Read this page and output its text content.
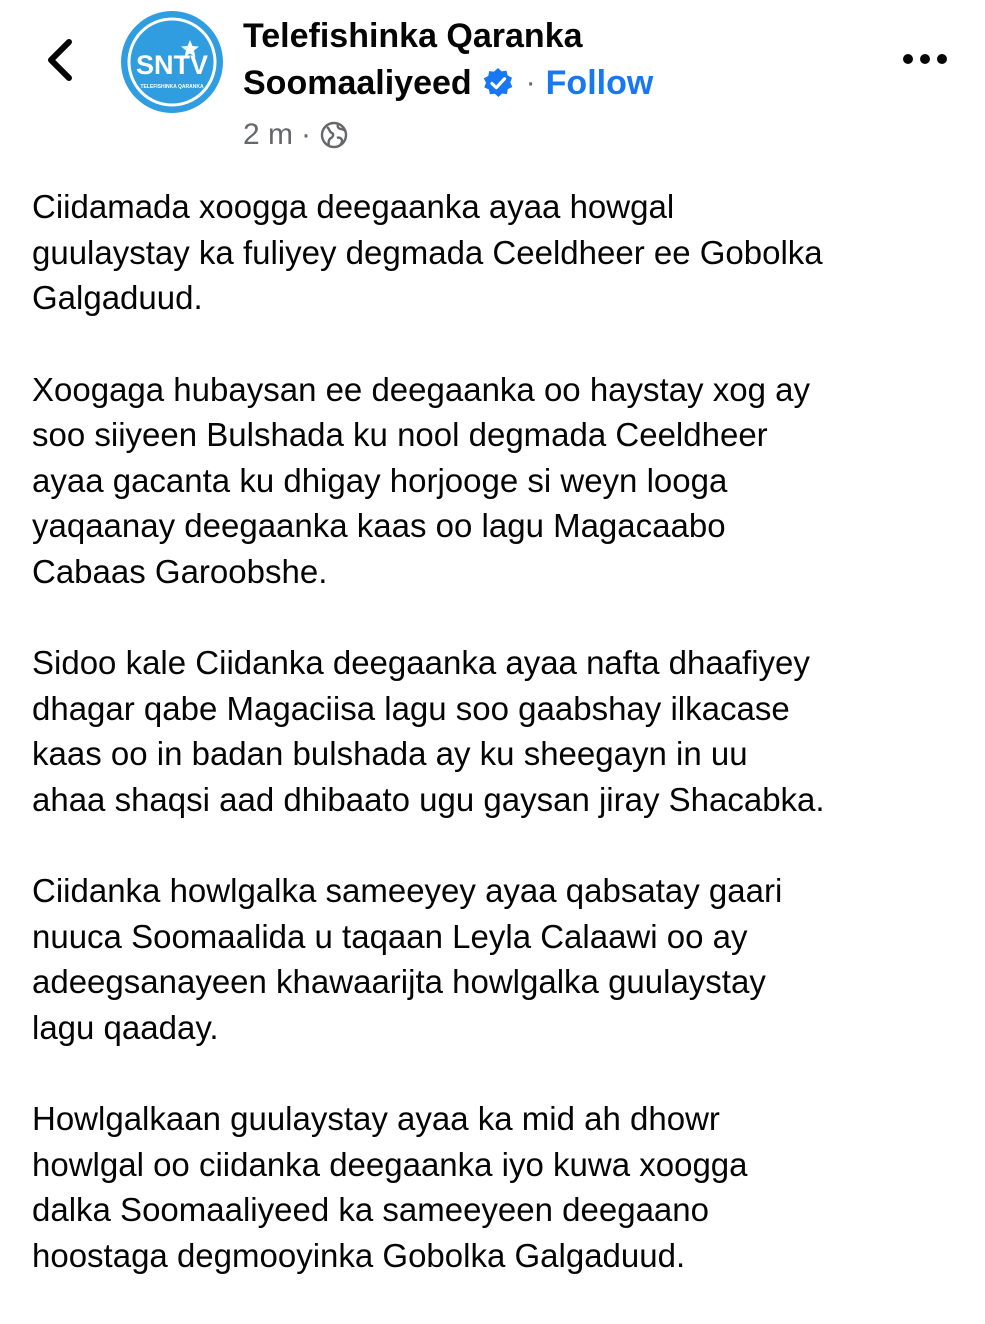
SNTV
TELEFISHINKA QARANKA
Telefishinka Qaranka
Soomaaliyeed · Follow
2 m ·

Ciidamada xoogga deegaanka ayaa howgal
guulaystay ka fuliyey degmada Ceeldheer ee Gobolka
Galgaduud.

Xoogaga hubaysan ee deegaanka oo haystay xog ay
soo siiyeen Bulshada ku nool degmada Ceeldheer
ayaa gacanta ku dhigay horjooge si weyn looga
yaqaanay deegaanka kaas oo lagu Magacaabo
Cabaas Garoobshe.

Sidoo kale Ciidanka deegaanka ayaa nafta dhaafiyey
dhagar qabe Magaciisa lagu soo gaabshay ilkacase
kaas oo in badan bulshada ay ku sheegayn in uu
ahaa shaqsi aad dhibaato ugu gaysan jiray Shacabka.

Ciidanka howlgalka sameeyey ayaa qabsatay gaari
nuuca Soomaalida u taqaan Leyla Calaawi oo ay
adeegsanayeen khawaarijta howlgalka guulaystay
lagu qaaday.

Howlgalkaan guulaystay ayaa ka mid ah dhowr
howlgal oo ciidanka deegaanka iyo kuwa xoogga
dalka Soomaaliyeed ka sameeyeen deegaano
hoostaga degmooyinka Gobolka Galgaduud.
